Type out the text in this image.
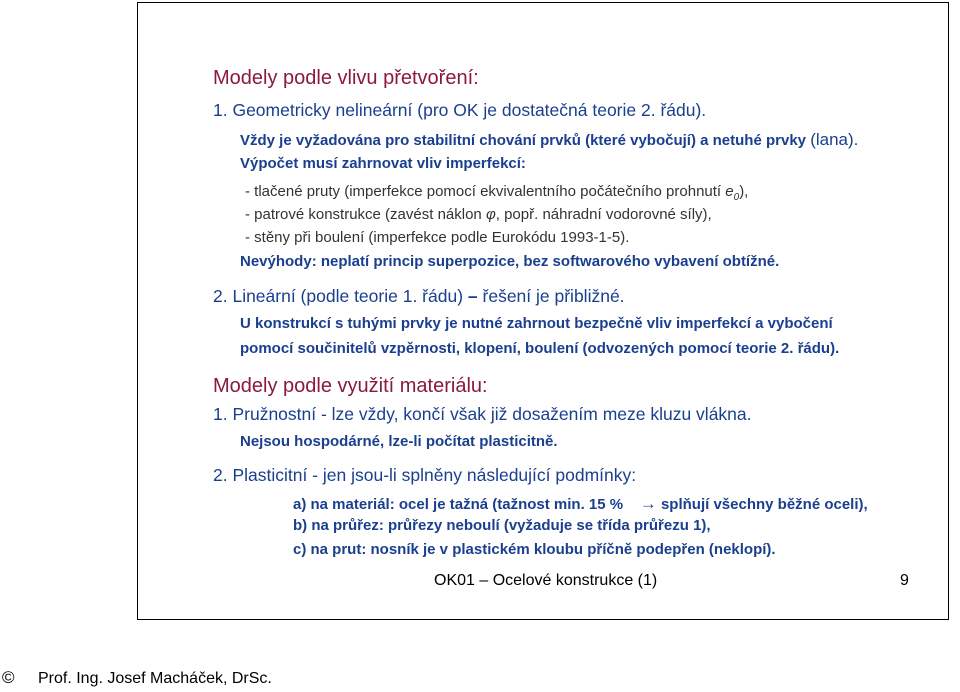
Modely podle vlivu přetvoření:
1. Geometricky nelineární (pro OK je dostatečná teorie 2. řádu).
Vždy je vyžadována pro stabilitní chování prvků (které vybočují) a netuhé prvky (lana).
Výpočet musí zahrnovat vliv imperfekcí:
- tlačené pruty (imperfekce pomocí ekvivalentního počátečního prohnutí $e_0$),
- patrové konstrukce (zavést náklon φ, popř. náhradní vodorovné síly),
- stěny při boulení (imperfekce podle Eurokódu 1993-1-5).
Nevýhody: neplatí princip superpozice, bez softwarového vybavení obtížné.
2. Lineární (podle teorie 1. řádu) – řešení je přibližné.
U konstrukcí s tuhými prvky je nutné zahrnout bezpečně vliv imperfekcí a vybočení
pomocí součinitelů vzpěrnosti, klopení, boulení (odvozených pomocí teorie 2. řádu).
Modely podle využití materiálu:
1. Pružnostní - lze vždy, končí však již dosažením meze kluzu vlákna.
Nejsou hospodárné, lze-li počítat plasticitně.
2. Plasticitní - jen jsou-li splněny následující podmínky:
a) na materiál: ocel je tažná (tažnost min. 15 % → splňují všechny běžné oceli),
b) na průřez: průřezy neboulí (vyžaduje se třída průřezu 1),
c) na prut: nosník je v plastickém kloubu příčně podepřen (neklopí).
OK01 – Ocelové konstrukce (1)	9
© Prof. Ing. Josef Macháček, DrSc.
